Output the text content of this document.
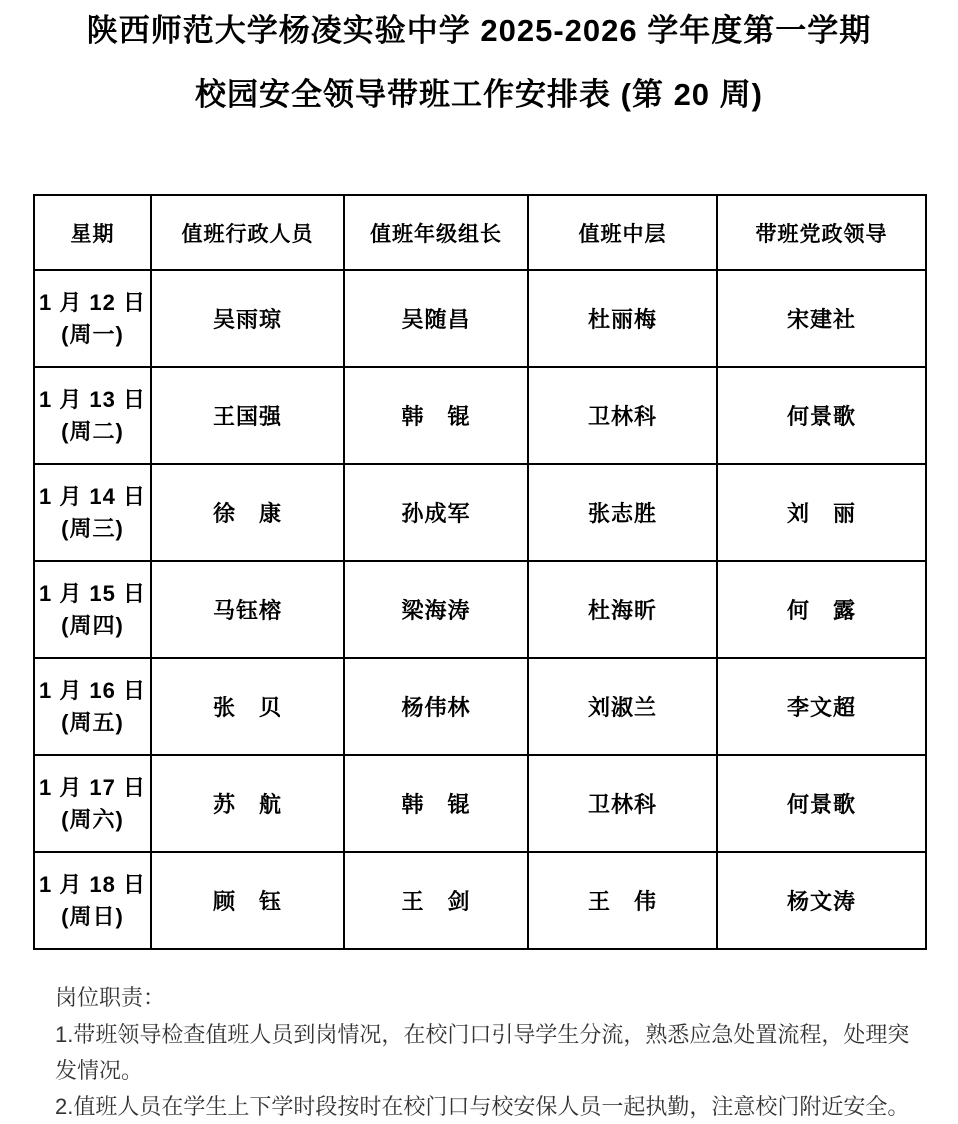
陕西师范大学杨凌实验中学 2025-2026 学年度第一学期
校园安全领导带班工作安排表 (第 20 周)
星期	值班行政人员	值班年级组长	值班中层	带班党政领导

1 月 12 日
(周一)	吴雨琼	吴随昌	杜丽梅	宋建社

1 月 13 日
(周二)	王国强	韩　锟	卫林科	何景歌

1 月 14 日
(周三)	徐　康	孙成军	张志胜	刘　丽

1 月 15 日
(周四)	马钰榕	梁海涛	杜海昕	何　露

1 月 16 日
(周五)	张　贝	杨伟林	刘淑兰	李文超

1 月 17 日
(周六)	苏　航	韩　锟	卫林科	何景歌

1 月 18 日
(周日)	顾　钰	王　剑	王　伟	杨文涛

岗位职责：

1.带班领导检查值班人员到岗情况，在校门口引导学生分流，熟悉应急处置流程，处理突发情况。

2.值班人员在学生上下学时段按时在校门口与校安保人员一起执勤，注意校门附近安全。
